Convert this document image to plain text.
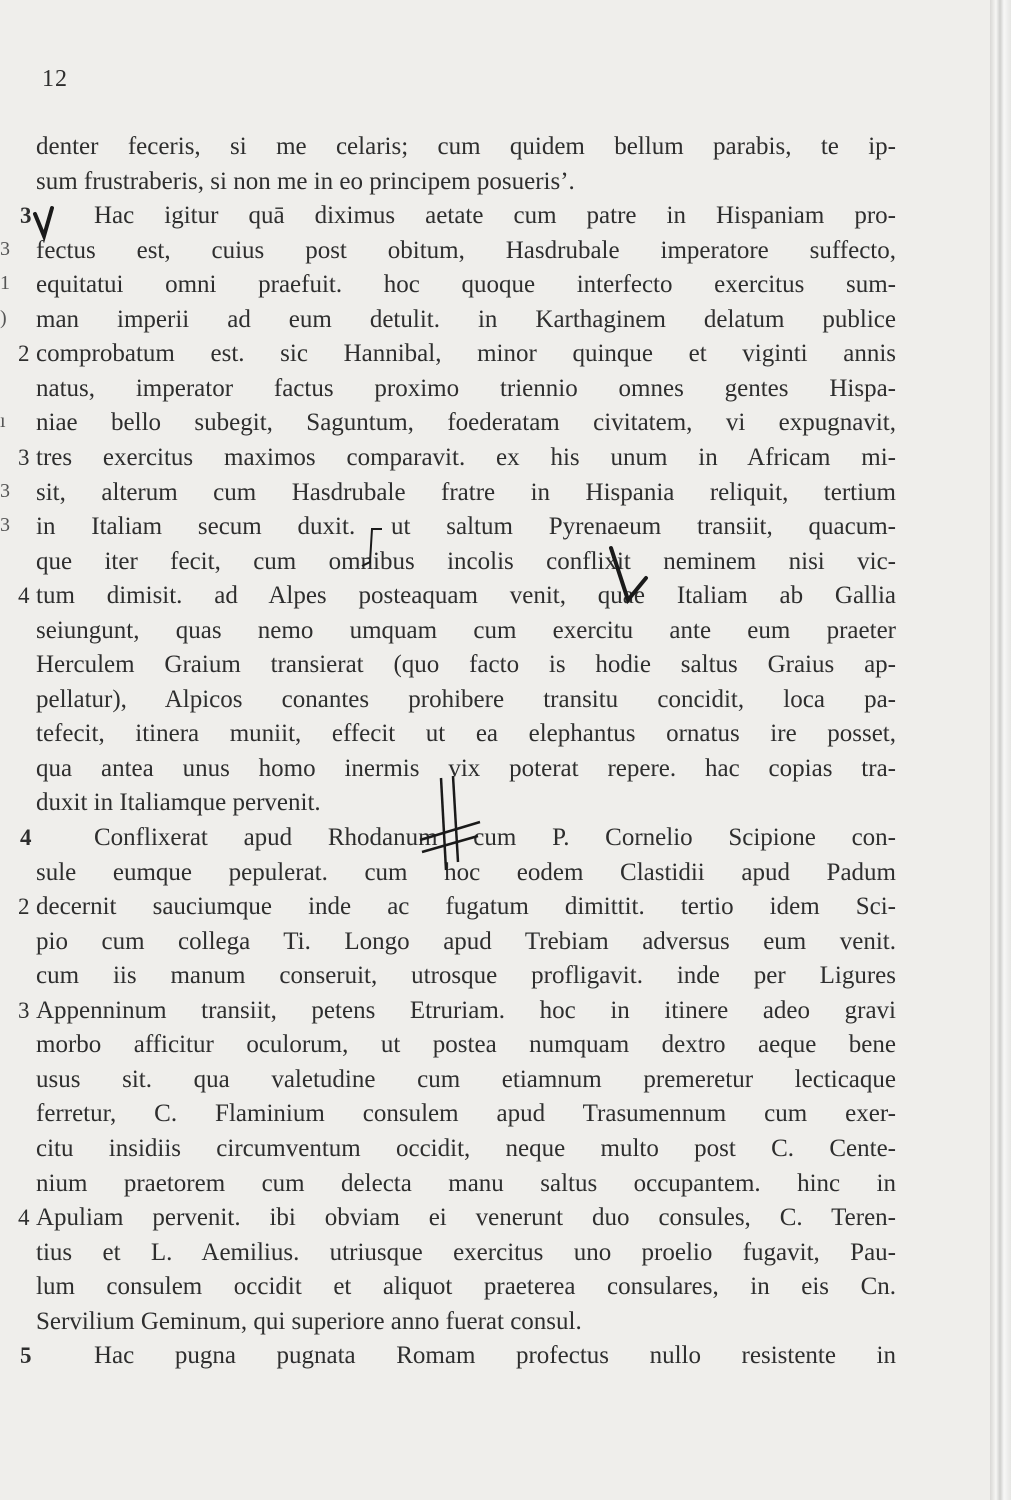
12
denter feceris, si me celaris; cum quidem bellum parabis, te ip-
sum frustraberis, si non me in eo principem posueris’.
Hac igitur quā diximus aetate cum patre in Hispaniam pro-
fectus est, cuius post obitum, Hasdrubale imperatore suffecto,
equitatui omni praefuit. hoc quoque interfecto exercitus sum-
man imperii ad eum detulit. in Karthaginem delatum publice
comprobatum est. sic Hannibal, minor quinque et viginti annis
natus, imperator factus proximo triennio omnes gentes Hispa-
niae bello subegit, Saguntum, foederatam civitatem, vi expugnavit,
tres exercitus maximos comparavit. ex his unum in Africam mi-
sit, alterum cum Hasdrubale fratre in Hispania reliquit, tertium
in Italiam secum duxit. ut saltum Pyrenaeum transiit, quacum-
que iter fecit, cum omnibus incolis conflixit neminem nisi vic-
tum dimisit. ad Alpes posteaquam venit, quae Italiam ab Gallia
seiungunt, quas nemo umquam cum exercitu ante eum praeter
Herculem Graium transierat (quo facto is hodie saltus Graius ap-
pellatur), Alpicos conantes prohibere transitu concidit, loca pa-
tefecit, itinera muniit, effecit ut ea elephantus ornatus ire posset,
qua antea unus homo inermis vix poterat repere. hac copias tra-
duxit in Italiamque pervenit.
Conflixerat apud Rhodanum cum P. Cornelio Scipione con-
sule eumque pepulerat. cum hoc eodem Clastidii apud Padum
decernit sauciumque inde ac fugatum dimittit. tertio idem Sci-
pio cum collega Ti. Longo apud Trebiam adversus eum venit.
cum iis manum conseruit, utrosque profligavit. inde per Ligures
Appenninum transiit, petens Etruriam. hoc in itinere adeo gravi
morbo afficitur oculorum, ut postea numquam dextro aeque bene
usus sit. qua valetudine cum etiamnum premeretur lecticaque
ferretur, C. Flaminium consulem apud Trasumennum cum exer-
citu insidiis circumventum occidit, neque multo post C. Cente-
nium praetorem cum delecta manu saltus occupantem. hinc in
Apuliam pervenit. ibi obviam ei venerunt duo consules, C. Teren-
tius et L. Aemilius. utriusque exercitus uno proelio fugavit, Pau-
lum consulem occidit et aliquot praeterea consulares, in eis Cn.
Servilium Geminum, qui superiore anno fuerat consul.
Hac pugna pugnata Romam profectus nullo resistente in
3
2
3
4
4
2
3
4
5
3
1
)
ı
3
3
